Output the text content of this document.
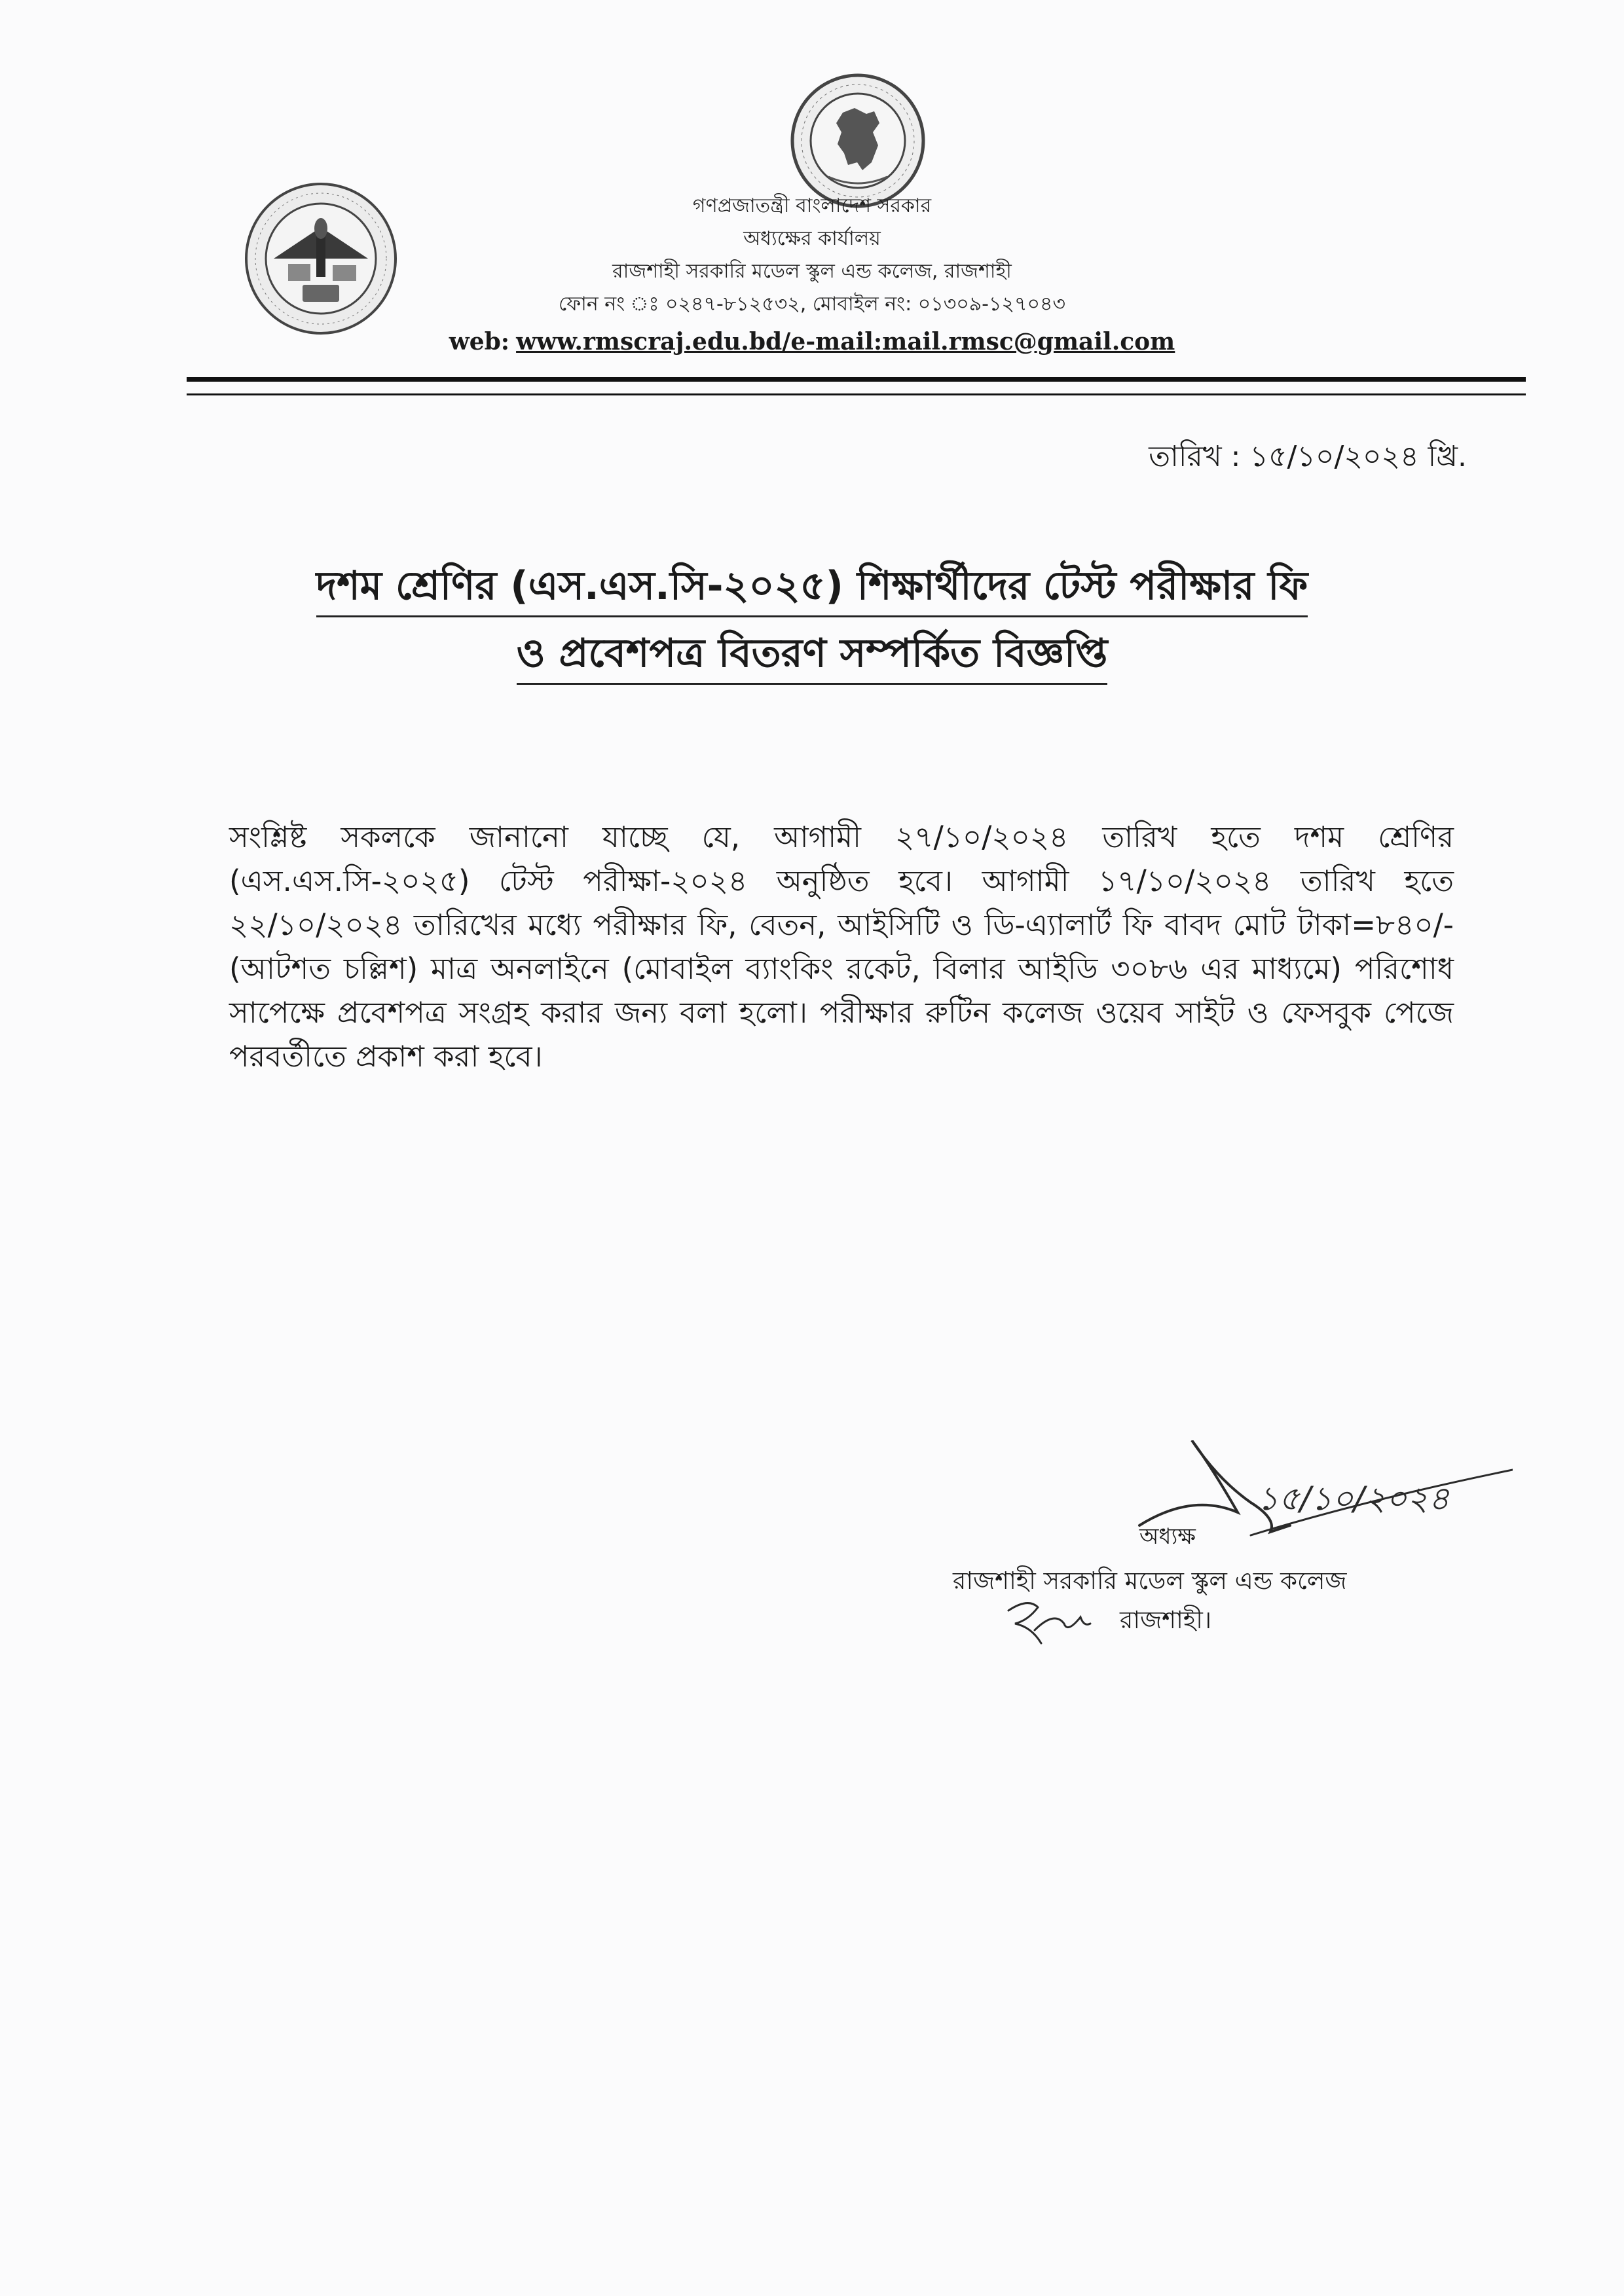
গণপ্রজাতন্ত্রী বাংলাদেশ সরকার
অধ্যক্ষের কার্যালয়
রাজশাহী সরকারি মডেল স্কুল এন্ড কলেজ, রাজশাহী
ফোন নং ঃ ০২৪৭-৮১২৫৩২, মোবাইল নং: ০১৩০৯-১২৭০৪৩
web: www.rmscraj.edu.bd/e-mail:mail.rmsc@gmail.com
তারিখ : ১৫/১০/২০২৪ খ্রি.
দশম শ্রেণির (এস.এস.সি-২০২৫) শিক্ষার্থীদের টেস্ট পরীক্ষার ফি
ও প্রবেশপত্র বিতরণ সম্পর্কিত বিজ্ঞপ্তি
সংশ্লিষ্ট সকলকে জানানো যাচ্ছে যে, আগামী ২৭/১০/২০২৪ তারিখ হতে দশম শ্রেণির (এস.এস.সি-২০২৫) টেস্ট পরীক্ষা-২০২৪ অনুষ্ঠিত হবে। আগামী ১৭/১০/২০২৪ তারিখ হতে ২২/১০/২০২৪ তারিখের মধ্যে পরীক্ষার ফি, বেতন, আইসিটি ও ডি-এ্যালার্ট ফি বাবদ মোট টাকা=৮৪০/- (আটশত চল্লিশ) মাত্র অনলাইনে (মোবাইল ব্যাংকিং রকেট, বিলার আইডি ৩০৮৬ এর মাধ্যমে) পরিশোধ সাপেক্ষে প্রবেশপত্র সংগ্রহ করার জন্য বলা হলো। পরীক্ষার রুটিন কলেজ ওয়েব সাইট ও ফেসবুক পেজে পরবর্তীতে প্রকাশ করা হবে।
১৫/১০/২০২৪
অধ্যক্ষ
রাজশাহী সরকারি মডেল স্কুল এন্ড কলেজ
রাজশাহী।
